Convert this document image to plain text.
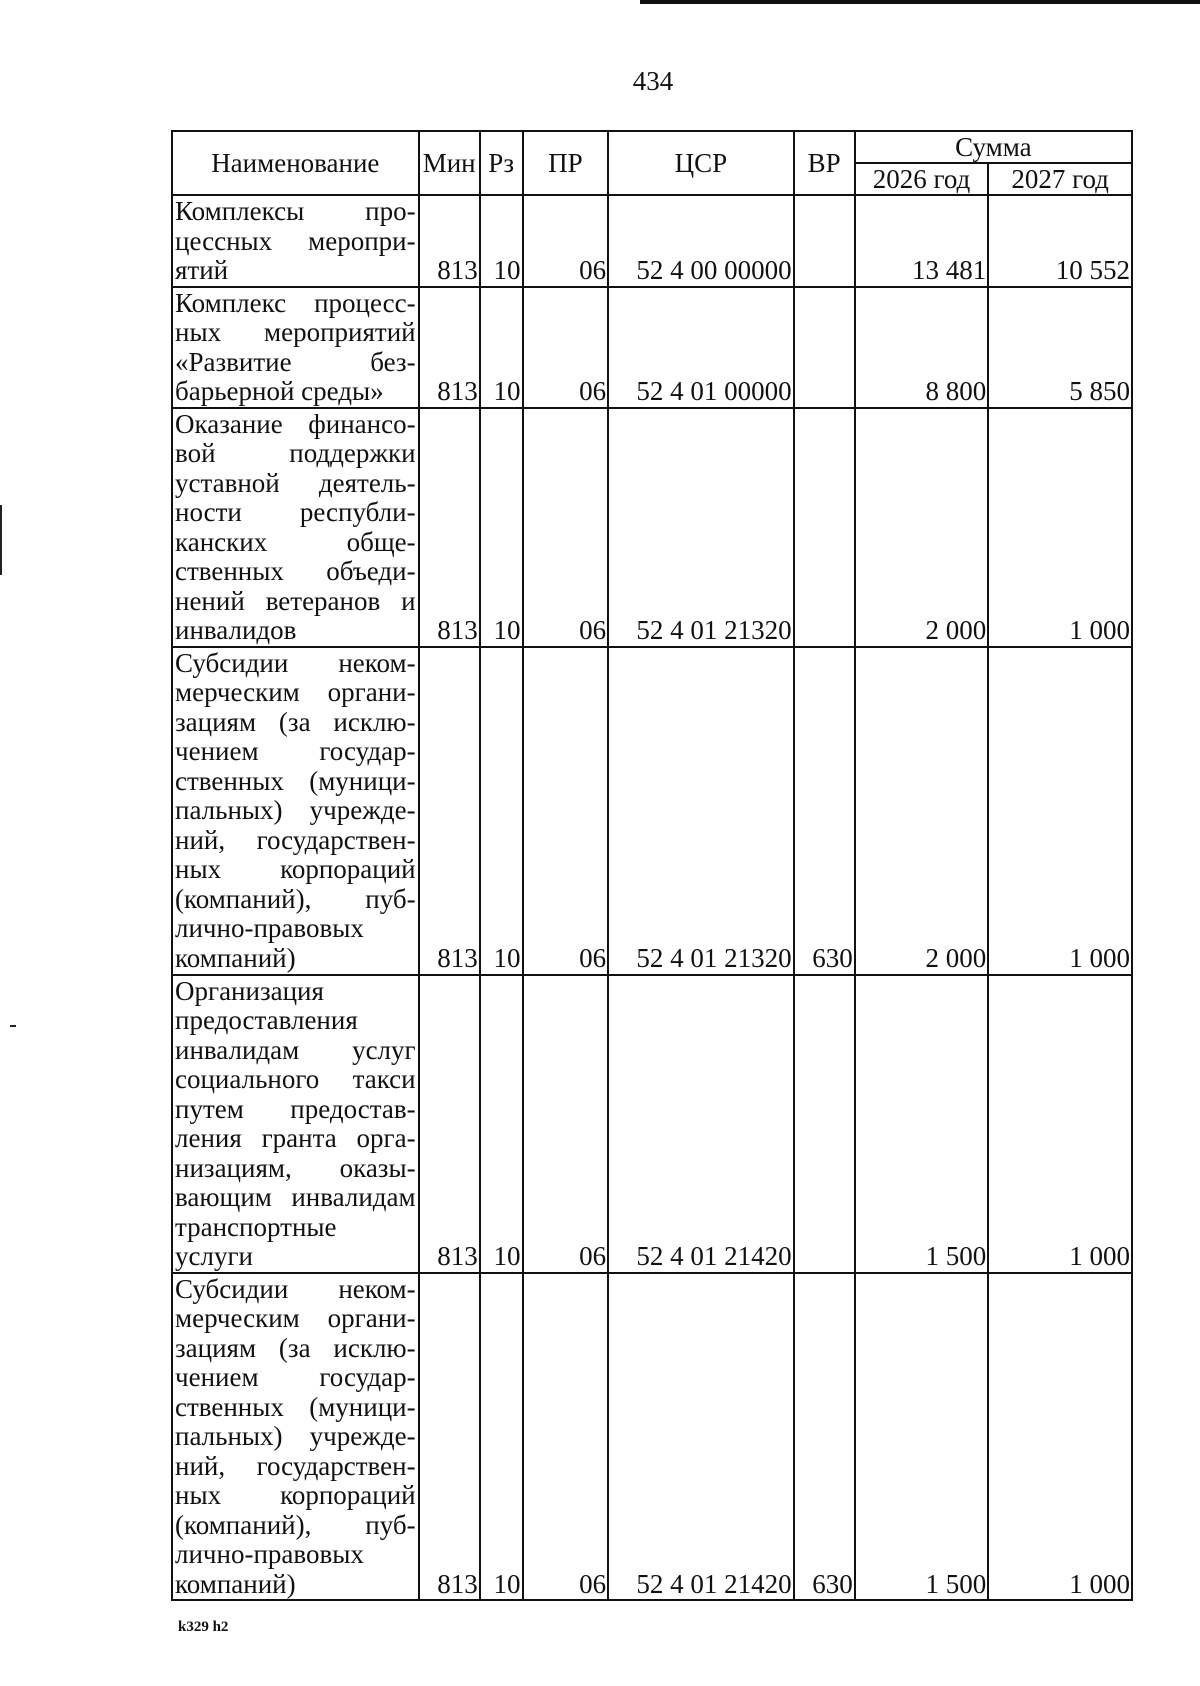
434
Наименование	Мин	Рз	ПР	ЦСР	ВР	Сумма	
						2026 год	2027 год
Комплексы процессных мероприятий	813	10	06	52 4 00 00000		13 481	10 552
Комплекс процессных мероприятий «Развитие безбарьерной среды»	813	10	06	52 4 01 00000		8 800	5 850
Оказание финансовой поддержки уставной деятельности республиканских общественных объединений ветеранов и инвалидов	813	10	06	52 4 01 21320		2 000	1 000
Субсидии некоммерческим организациям (за исключением государственных (муниципальных) учреждений, государственных корпораций (компаний), публично-правовых компаний)	813	10	06	52 4 01 21320	630	2 000	1 000
Организация предоставления инвалидам услуг социального такси путем предоставления гранта организациям, оказывающим инвалидам транспортные услуги	813	10	06	52 4 01 21420		1 500	1 000
Субсидии некоммерческим организациям (за исключением государственных (муниципальных) учреждений, государственных корпораций (компаний), публично-правовых компаний)	813	10	06	52 4 01 21420	630	1 500	1 000
k329 h2
